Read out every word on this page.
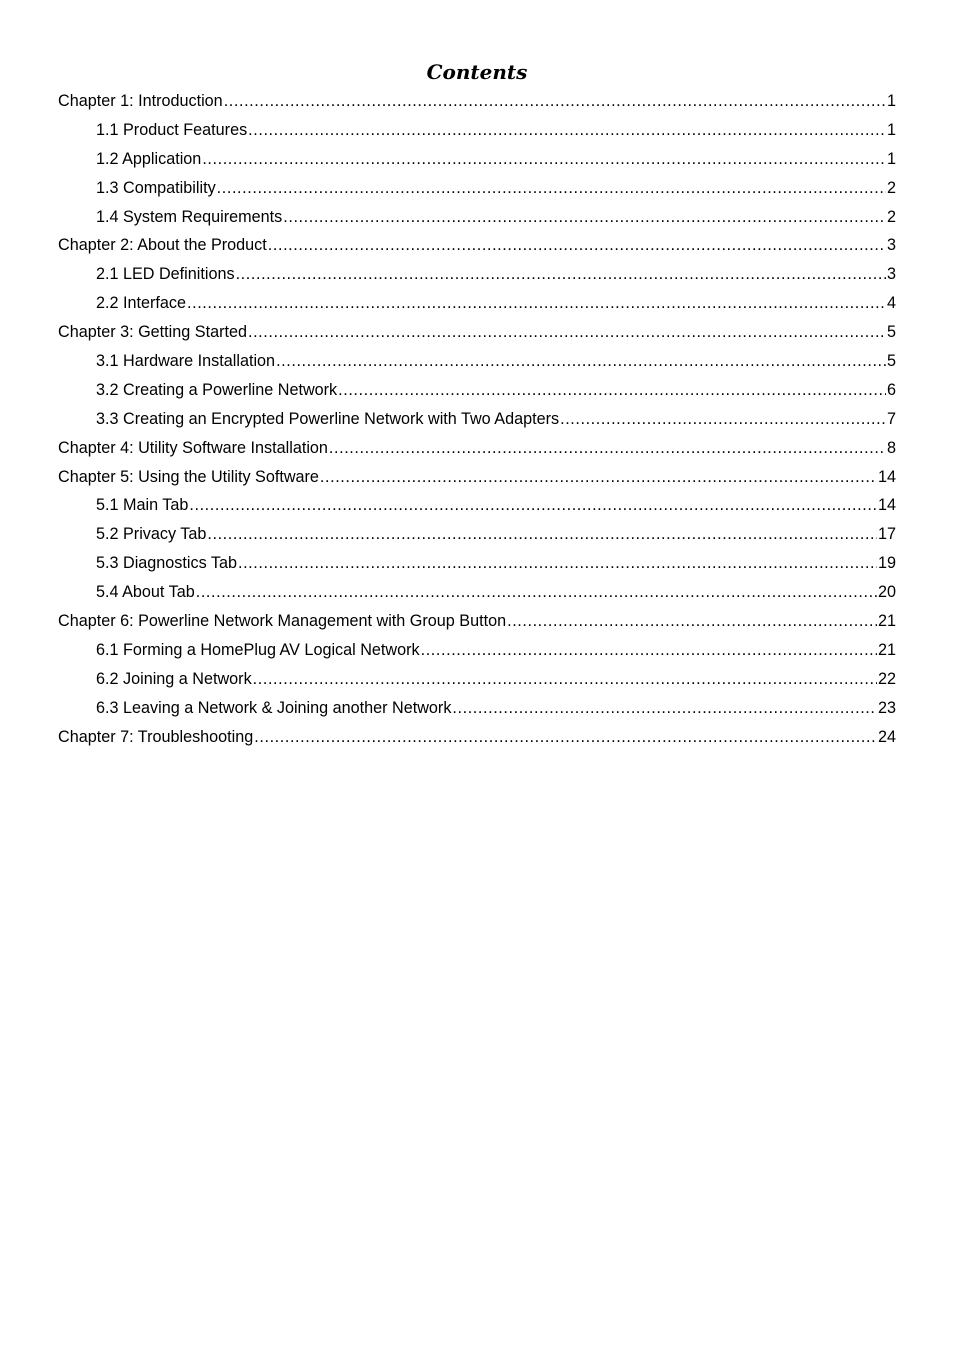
Contents
Chapter 1: Introduction .....	1
1.1 Product Features .....	1
1.2 Application .....	1
1.3 Compatibility .....	2
1.4 System Requirements .....	2
Chapter 2: About the Product .....	3
2.1 LED Definitions .....	3
2.2 Interface .....	4
Chapter 3: Getting Started .....	5
3.1 Hardware Installation .....	5
3.2 Creating a Powerline Network .....	6
3.3 Creating an Encrypted Powerline Network with Two Adapters .....	7
Chapter 4: Utility Software Installation .....	8
Chapter 5: Using the Utility Software .....	14
5.1 Main Tab .....	14
5.2 Privacy Tab .....	17
5.3 Diagnostics Tab .....	19
5.4 About Tab .....	20
Chapter 6: Powerline Network Management with Group Button .....	21
6.1 Forming a HomePlug AV Logical Network .....	21
6.2 Joining a Network .....	22
6.3 Leaving a Network & Joining another Network .....	23
Chapter 7: Troubleshooting .....	24
